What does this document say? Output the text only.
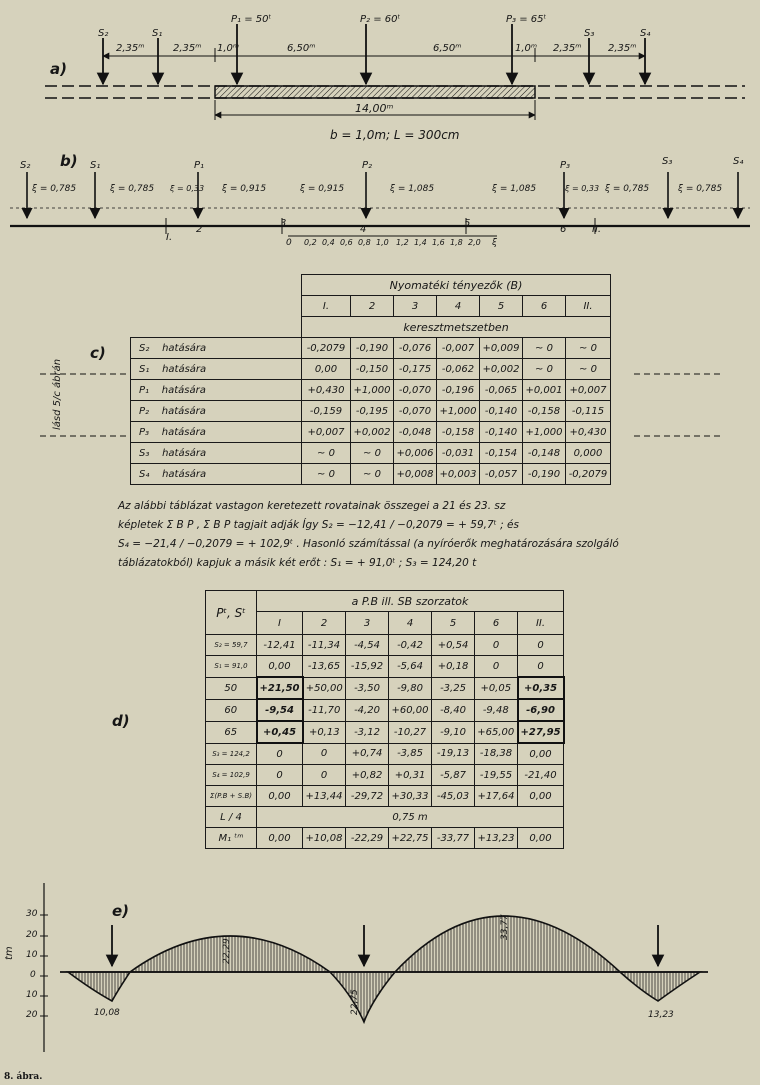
a)
S₂	S₁
P₁ = 50ᵗ	P₂ = 60ᵗ	P₃ = 65ᵗ
S₃	S₄
2,35ᵐ	2,35ᵐ 1,0ᵐ	6,50ᵐ	6,50ᵐ	1,0ᵐ 2,35ᵐ	2,35ᵐ
14,00ᵐ
b = 1,0m; L = 300cm
b)
S₂	S₁	P₁	P₂	P₃	S₃	S₄
ξ = 0,785	ξ = 0,785 ξ = 0,33 ξ = 0,915	ξ = 0,915	ξ = 1,085	ξ = 1,085	ξ = 0,33 ξ = 0,785	ξ = 0,785
I.
2
3
4
5
6	II.
0 0,2 0,4 0,6 0,8 1,0 1,2 1,4 1,6 1,8 2,0 ξ
c)
lásd 5/c ábrán
	Nyomatéki tényezők (B)						
	I.	2	3	4	5	6	II.
	keresztmetszetben						
S₂ hatására	-0,2079	-0,190	-0,076	-0,007	+0,009	~ 0	~ 0
S₁ hatására	0,00	-0,150	-0,175	-0,062	+0,002	~ 0	~ 0
P₁ hatására	+0,430	+1,000	-0,070	-0,196	-0,065	+0,001	+0,007
P₂ hatására	-0,159	-0,195	-0,070	+1,000	-0,140	-0,158	-0,115
P₃ hatására	+0,007	+0,002	-0,048	-0,158	-0,140	+1,000	+0,430
S₃ hatására	~ 0	~ 0	+0,006	-0,031	-0,154	-0,148	0,000
S₄ hatására	~ 0	~ 0	+0,008	+0,003	-0,057	-0,190	-0,2079
Az alábbi táblázat vastagon keretezett rovatainak összegei a 21 és 23. sz
képletek Σ B P , Σ B P tagjait adják Így S₂ = −12,41 / −0,2079 = + 59,7ᵗ ; és
S₄ = −21,4 / −0,2079 = + 102,9ᵗ . Hasonló számítással (a nyíróerők meghatározására szolgáló
táblázatokból) kapjuk a másik két erőt : S₁ = + 91,0ᵗ ; S₃ = 124,20 t
d)
Pᵗ, Sᵗ	a P.B ill. SB szorzatok						
	I	2	3	4	5	6	II.
S₂ = 59,7	-12,41	-11,34	-4,54	-0,42	+0,54	0	0
S₁ = 91,0	0,00	-13,65	-15,92	-5,64	+0,18	0	0
50	+21,50	+50,00	-3,50	-9,80	-3,25	+0,05	+0,35
60	-9,54	-11,70	-4,20	+60,00	-8,40	-9,48	-6,90
65	+0,45	+0,13	-3,12	-10,27	-9,10	+65,00	+27,95
S₃ = 124,2	0	0	+0,74	-3,85	-19,13	-18,38	0,00
S₄ = 102,9	0	0	+0,82	+0,31	-5,87	-19,55	-21,40
Σ(P.B + S.B)	0,00	+13,44	-29,72	+30,33	-45,03	+17,64	0,00
L / 4	0,75 m						
M₁ ᵗᵐ	0,00	+10,08	-22,29	+22,75	-33,77	+13,23	0,00
e)
tm
30
20
10
0
10
20	10,08
22,29
22,75
33,77
13,23
8. ábra.
